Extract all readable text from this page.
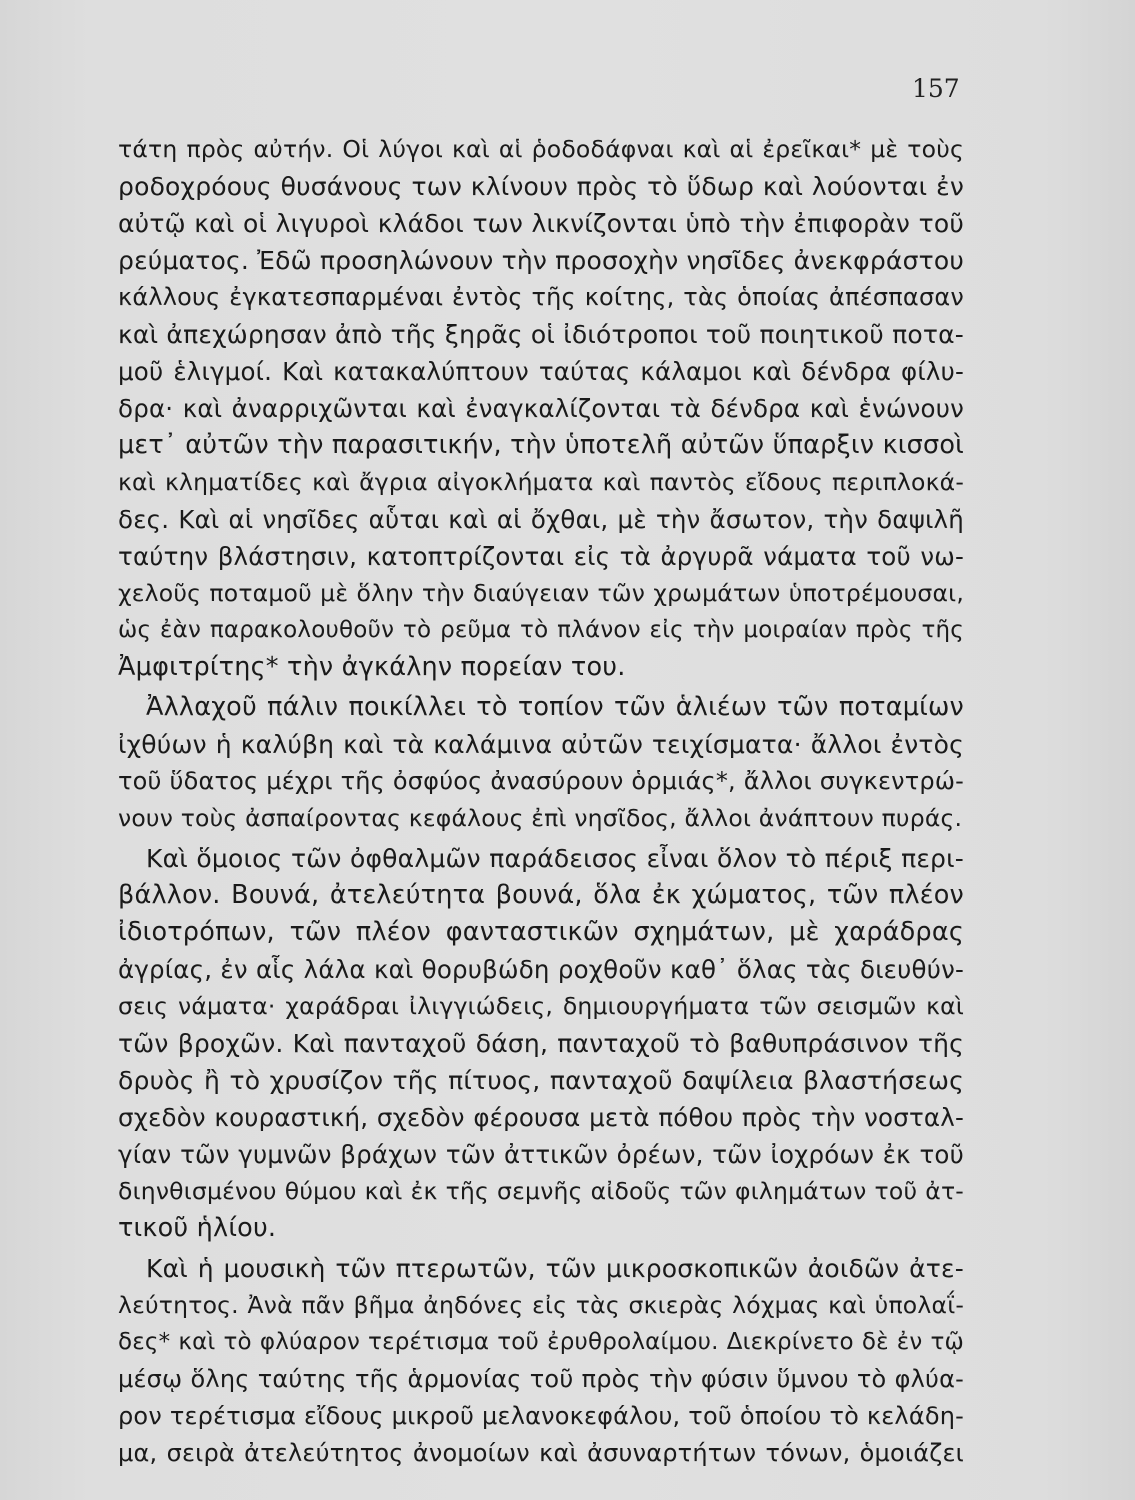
157
τάτη πρὸς αὐτήν. Οἱ λύγοι καὶ αἱ ῥοδοδάφναι καὶ αἱ ἐρεῖκαι* μὲ τοὺς
ροδοχρόους θυσάνους των κλίνουν πρὸς τὸ ὕδωρ καὶ λούονται ἐν
αὐτῷ καὶ οἱ λιγυροὶ κλάδοι των λικνίζονται ὑπὸ τὴν ἐπιφορὰν τοῦ
ρεύματος. Ἐδῶ προσηλώνουν τὴν προσοχὴν νησῖδες ἀνεκφράστου
κάλλους ἐγκατεσπαρμέναι ἐντὸς τῆς κοίτης, τὰς ὁποίας ἀπέσπασαν
καὶ ἀπεχώρησαν ἀπὸ τῆς ξηρᾶς οἱ ἰδιότροποι τοῦ ποιητικοῦ ποτα-
μοῦ ἑλιγμοί. Καὶ κατακαλύπτουν ταύτας κάλαμοι καὶ δένδρα φίλυ-
δρα· καὶ ἀναρριχῶνται καὶ ἐναγκαλίζονται τὰ δένδρα καὶ ἑνώνουν
μετ᾽ αὐτῶν τὴν παρασιτικήν, τὴν ὑποτελῆ αὐτῶν ὕπαρξιν κισσοὶ
καὶ κληματίδες καὶ ἄγρια αἰγοκλήματα καὶ παντὸς εἴδους περιπλοκά-
δες. Καὶ αἱ νησῖδες αὗται καὶ αἱ ὄχθαι, μὲ τὴν ἄσωτον, τὴν δαψιλῆ
ταύτην βλάστησιν, κατοπτρίζονται εἰς τὰ ἀργυρᾶ νάματα τοῦ νω-
χελοῦς ποταμοῦ μὲ ὅλην τὴν διαύγειαν τῶν χρωμάτων ὑποτρέμουσαι,
ὡς ἐὰν παρακολουθοῦν τὸ ρεῦμα τὸ πλάνον εἰς τὴν μοιραίαν πρὸς τῆς
Ἀμφιτρίτης* τὴν ἀγκάλην πορείαν του.
Ἀλλαχοῦ πάλιν ποικίλλει τὸ τοπίον τῶν ἁλιέων τῶν ποταμίων
ἰχθύων ἡ καλύβη καὶ τὰ καλάμινα αὐτῶν τειχίσματα· ἄλλοι ἐντὸς
τοῦ ὕδατος μέχρι τῆς ὀσφύος ἀνασύρουν ὁρμιάς*, ἄλλοι συγκεντρώ-
νουν τοὺς ἀσπαίροντας κεφάλους ἐπὶ νησῖδος, ἄλλοι ἀνάπτουν πυράς.
Καὶ ὅμοιος τῶν ὀφθαλμῶν παράδεισος εἶναι ὅλον τὸ πέριξ περι-
βάλλον. Βουνά, ἀτελεύτητα βουνά, ὅλα ἐκ χώματος, τῶν πλέον
ἰδιοτρόπων, τῶν πλέον φανταστικῶν σχημάτων, μὲ χαράδρας
ἀγρίας, ἐν αἷς λάλα καὶ θορυβώδη ροχθοῦν καθ᾽ ὅλας τὰς διευθύν-
σεις νάματα· χαράδραι ἰλιγγιώδεις, δημιουργήματα τῶν σεισμῶν καὶ
τῶν βροχῶν. Καὶ πανταχοῦ δάση, πανταχοῦ τὸ βαθυπράσινον τῆς
δρυὸς ἢ τὸ χρυσίζον τῆς πίτυος, πανταχοῦ δαψίλεια βλαστήσεως
σχεδὸν κουραστική, σχεδὸν φέρουσα μετὰ πόθου πρὸς τὴν νοσταλ-
γίαν τῶν γυμνῶν βράχων τῶν ἀττικῶν ὀρέων, τῶν ἰοχρόων ἐκ τοῦ
διηνθισμένου θύμου καὶ ἐκ τῆς σεμνῆς αἰδοῦς τῶν φιλημάτων τοῦ ἀτ-
τικοῦ ἡλίου.
Καὶ ἡ μουσικὴ τῶν πτερωτῶν, τῶν μικροσκοπικῶν ἀοιδῶν ἀτε-
λεύτητος. Ἀνὰ πᾶν βῆμα ἀηδόνες εἰς τὰς σκιερὰς λόχμας καὶ ὑπολαΐ-
δες* καὶ τὸ φλύαρον τερέτισμα τοῦ ἐρυθρολαίμου. Διεκρίνετο δὲ ἐν τῷ
μέσῳ ὅλης ταύτης τῆς ἁρμονίας τοῦ πρὸς τὴν φύσιν ὕμνου τὸ φλύα-
ρον τερέτισμα εἴδους μικροῦ μελανοκεφάλου, τοῦ ὁποίου τὸ κελάδη-
μα, σειρὰ ἀτελεύτητος ἀνομοίων καὶ ἀσυναρτήτων τόνων, ὁμοιάζει
